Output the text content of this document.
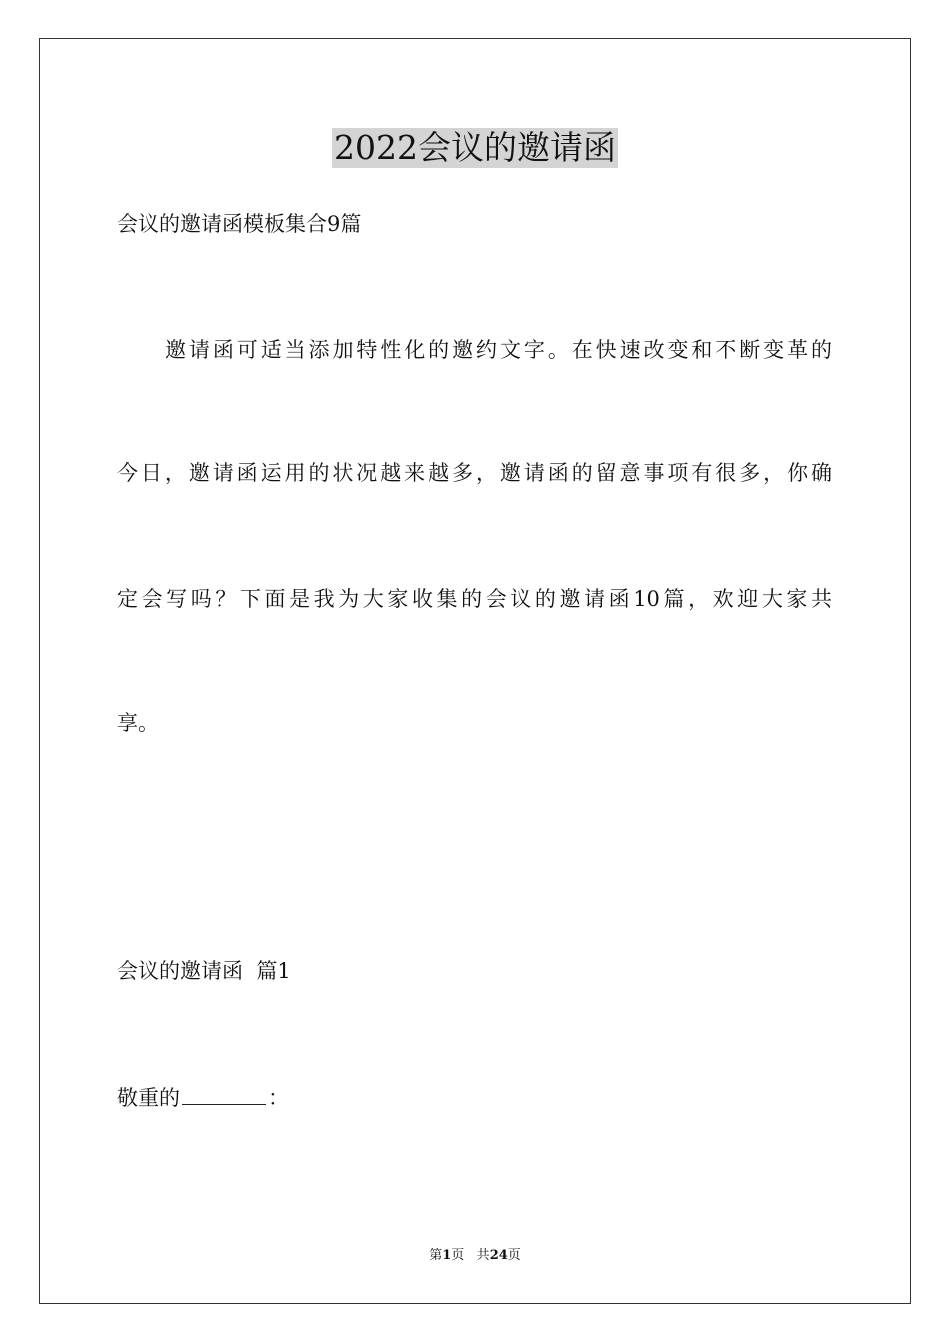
2022会议的邀请函
会议的邀请函模板集合9篇
邀请函可适当添加特性化的邀约文字。在快速改变和不断变革的
今日，邀请函运用的状况越来越多，邀请函的留意事项有很多，你确
定会写吗？下面是我为大家收集的会议的邀请函10篇，欢迎大家共
享。
会议的邀请函  篇1
敬重的	：
第1页 共24页
